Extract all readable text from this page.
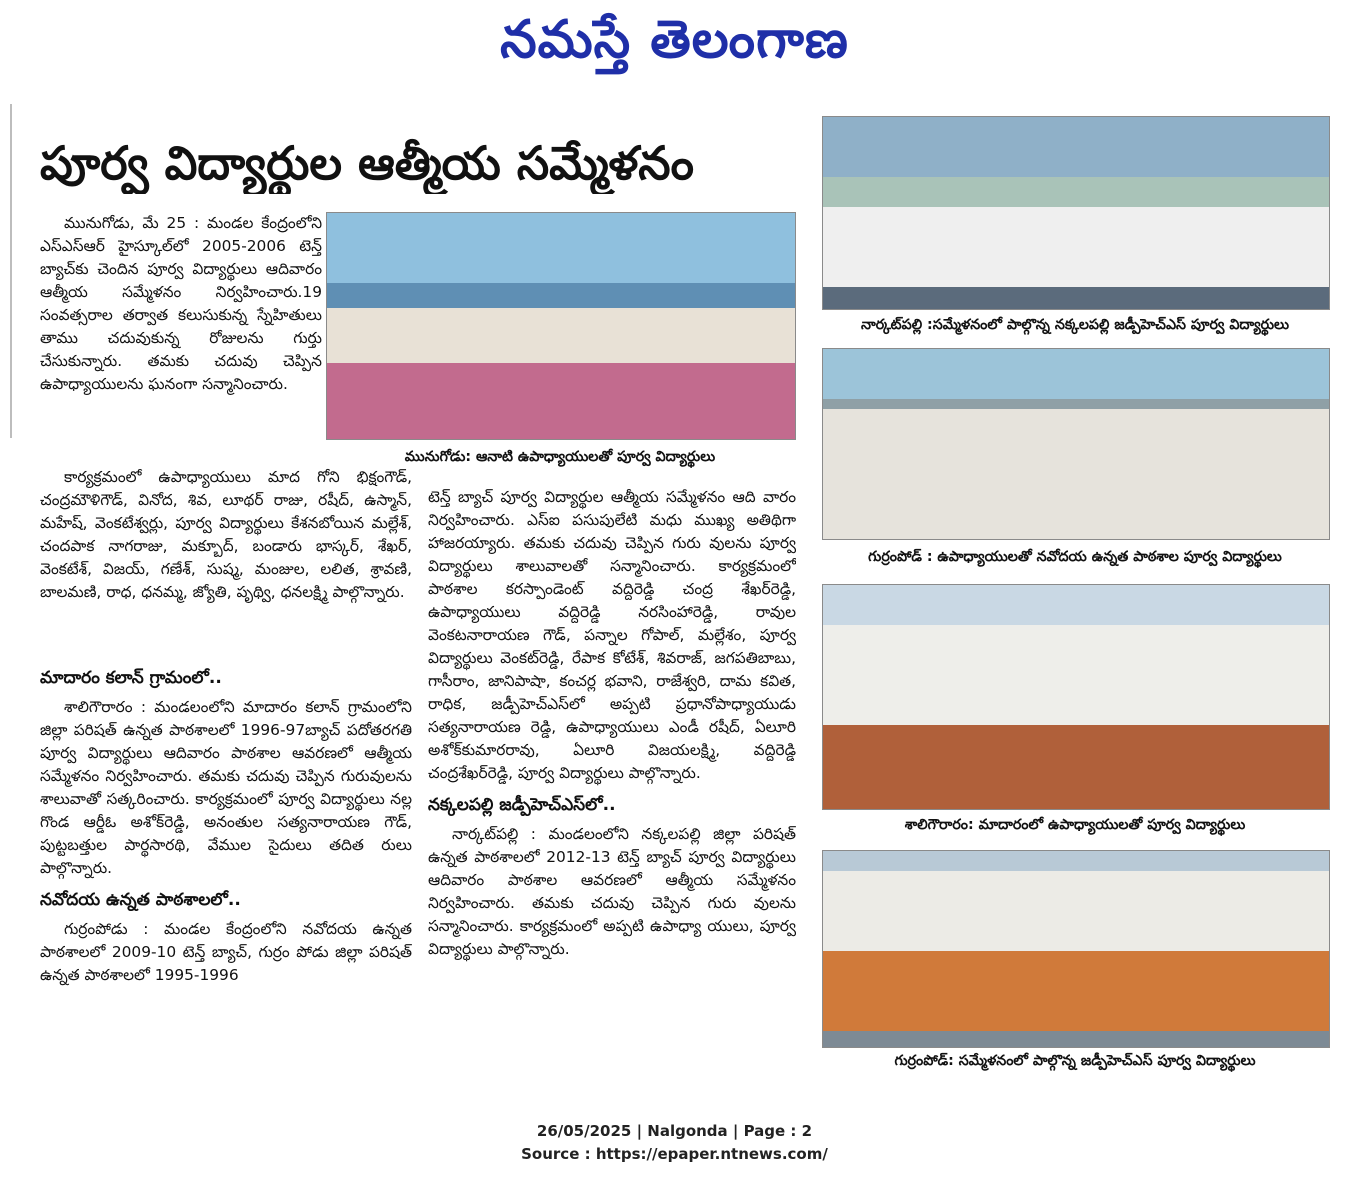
నమస్తే తెలంగాణ
పూర్వ విద్యార్థుల ఆత్మీయ సమ్మేళనం

మునుగోడు, మే 25 : మండల కేంద్రంలోని ఎస్‌ఎస్‌ఆర్ హైస్కూల్‌లో 2005-2006 టెన్త్ బ్యాచ్‌కు చెందిన పూర్వ విద్యార్థులు ఆదివారం ఆత్మీయ సమ్మేళనం నిర్వహించారు.19 సంవత్సరాల తర్వాత కలుసుకున్న స్నేహితులు తాము చదువుకున్న రోజులను గుర్తు చేసుకున్నారు. తమకు చదువు చెప్పిన ఉపాధ్యాయులను ఘనంగా సన్మానించారు.

మునుగోడు: ఆనాటి ఉపాధ్యాయులతో పూర్వ విద్యార్థులు

కార్యక్రమంలో ఉపాధ్యాయులు మాద గోని భిక్షంగౌడ్, చంద్రమౌళిగౌడ్, వినోద, శివ, లూథర్ రాజు, రషీద్, ఉస్మాన్, మహేష్, వెంకటేశ్వర్లు, పూర్వ విద్యార్థులు కేశనబోయిన మల్లేశ్, చందపాక నాగరాజు, మక్బూద్, బండారు భాస్కర్, శేఖర్, వెంకటేశ్, విజయ్, గణేశ్, సుష్మ, మంజుల, లలిత, శ్రావణి, బాలమణి, రాధ, ధనమ్మ, జ్యోతి, పృథ్వి, ధనలక్ష్మి పాల్గొన్నారు.

మాదారం కలాన్ గ్రామంలో..

శాలిగౌరారం : మండలంలోని మాదారం కలాన్ గ్రామంలోని జిల్లా పరిషత్ ఉన్నత పాఠశాలలో 1996-97బ్యాచ్ పదోతరగతి పూర్వ విద్యార్థులు ఆదివారం పాఠశాల ఆవరణలో ఆత్మీయ సమ్మేళనం నిర్వహించారు. తమకు చదువు చెప్పిన గురువులను శాలువాతో సత్కరించారు. కార్యక్రమంలో పూర్వ విద్యార్థులు నల్ల గొండ ఆర్డీఓ అశోక్‌రెడ్డి, అనంతుల సత్యనారాయణ గౌడ్, పుట్టబత్తుల పార్థసారథి, వేముల సైదులు తదిత రులు పాల్గొన్నారు.

నవోదయ ఉన్నత పాఠశాలలో..

గుర్రంపోడు : మండల కేంద్రంలోని నవోదయ ఉన్నత పాఠశాలలో 2009-10 టెన్త్ బ్యాచ్, గుర్రం పోడు జిల్లా పరిషత్ ఉన్నత పాఠశాలలో 1995-1996

టెన్త్ బ్యాచ్ పూర్వ విద్యార్థుల ఆత్మీయ సమ్మేళనం ఆది వారం నిర్వహించారు. ఎస్‌ఐ పసుపులేటి మధు ముఖ్య అతిథిగా హాజరయ్యారు. తమకు చదువు చెప్పిన గురు వులను పూర్వ విద్యార్థులు శాలువాలతో సన్మానించారు. కార్యక్రమంలో పాఠశాల కరస్పాండెంట్ వద్దిరెడ్డి చంద్ర శేఖర్‌రెడ్డి, ఉపాధ్యాయులు వద్దిరెడ్డి నరసింహారెడ్డి, రావుల వెంకటనారాయణ గౌడ్, పన్నాల గోపాల్, మల్లేశం, పూర్వ విద్యార్థులు వెంకట్‌రెడ్డి, రేపాక కోటేశ్, శివరాజ్, జగపతిబాబు, గాసీరాం, జానిపాషా, కంచర్ల భవాని, రాజేశ్వరి, దామ కవిత, రాధిక, జడ్పీహెచ్‌ఎస్‌లో అప్పటి ప్రధానోపాధ్యాయుడు సత్యనారాయణ రెడ్డి, ఉపాధ్యాయులు ఎండీ రషీద్, ఏలూరి అశోక్‌కుమారరావు, ఏలూరి విజయలక్ష్మి, వద్దిరెడ్డి చంద్రశేఖర్‌రెడ్డి, పూర్వ విద్యార్థులు పాల్గొన్నారు.

నక్కలపల్లి జడ్పీహెచ్‌ఎస్‌లో..

నార్కట్‌పల్లి : మండలంలోని నక్కలపల్లి జిల్లా పరిషత్ ఉన్నత పాఠశాలలో 2012-13 టెన్త్ బ్యాచ్ పూర్వ విద్యార్థులు ఆదివారం పాఠశాల ఆవరణలో ఆత్మీయ సమ్మేళనం నిర్వహించారు. తమకు చదువు చెప్పిన గురు వులను సన్మానించారు. కార్యక్రమంలో అప్పటి ఉపాధ్యా యులు, పూర్వ విద్యార్థులు పాల్గొన్నారు.

నార్కట్‌పల్లి :సమ్మేళనంలో పాల్గొన్న నక్కలపల్లి జడ్పీహెచ్‌ఎస్ పూర్వ విద్యార్థులు
గుర్రంపోడ్ : ఉపాధ్యాయులతో నవోదయ ఉన్నత పాఠశాల పూర్వ విద్యార్థులు
శాలిగౌరారం: మాదారంలో ఉపాధ్యాయులతో పూర్వ విద్యార్థులు
గుర్రంపోడ్: సమ్మేళనంలో పాల్గొన్న జడ్పీహెచ్‌ఎస్ పూర్వ విద్యార్థులు
26/05/2025 | Nalgonda | Page : 2
Source : https://epaper.ntnews.com/
